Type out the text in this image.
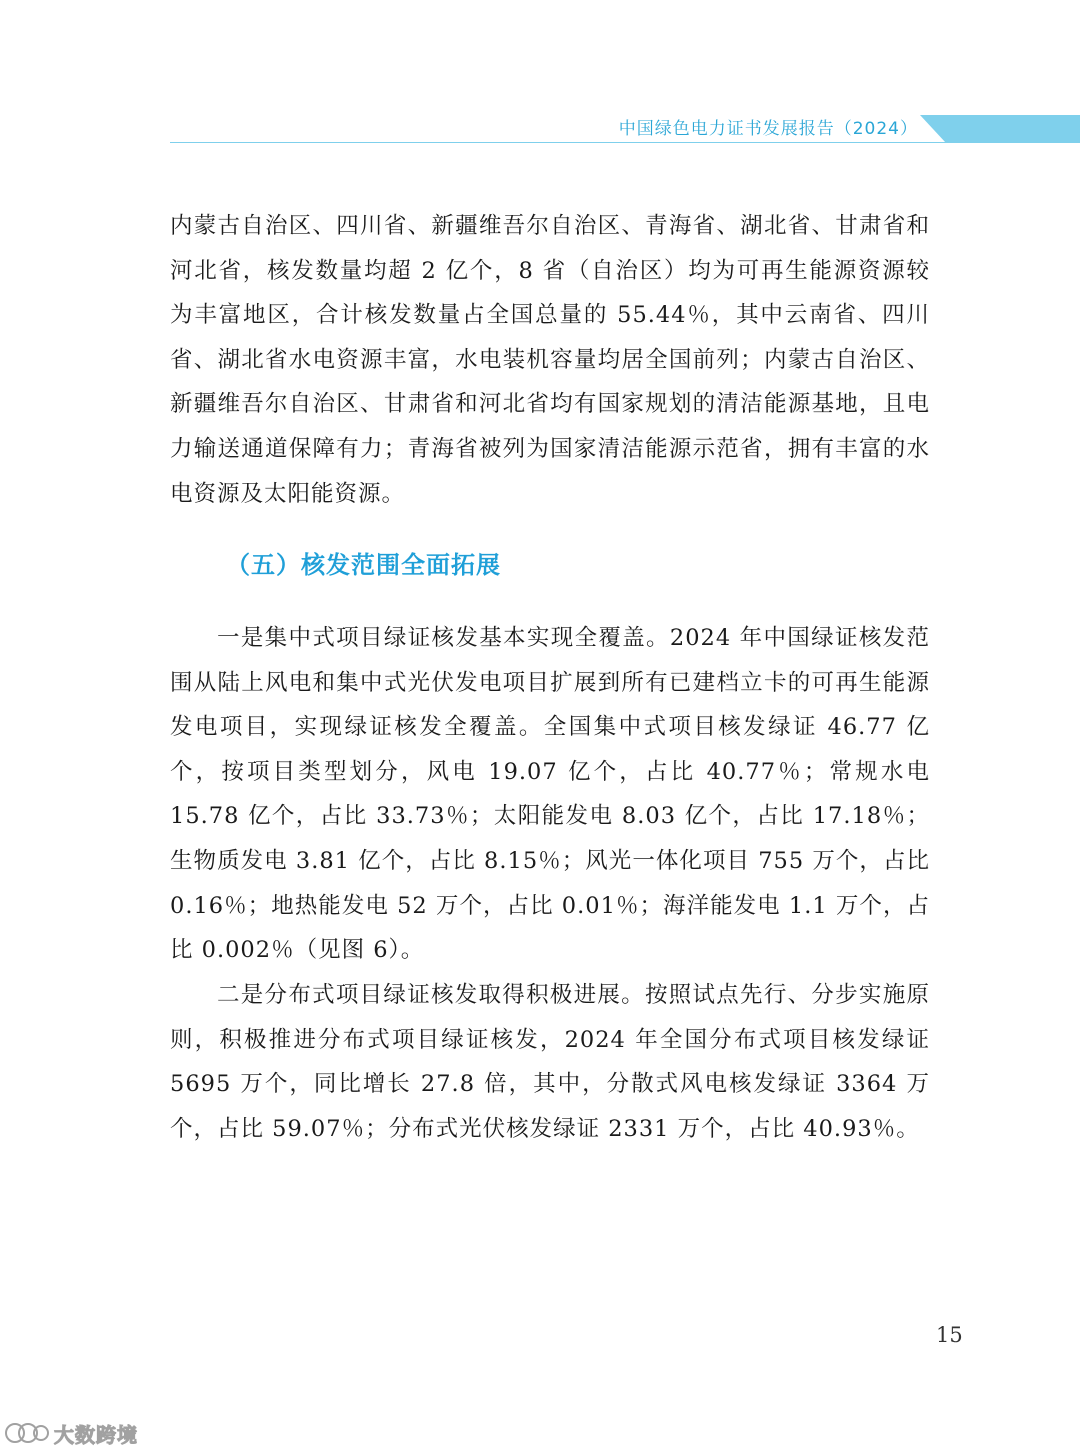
中国绿色电力证书发展报告（2024）

内蒙古自治区、四川省、新疆维吾尔自治区、青海省、湖北省、甘肃省和河北省，核发数量均超 2 亿个，8 省（自治区）均为可再生能源资源较为丰富地区，合计核发数量占全国总量的 55.44％，其中云南省、四川省、湖北省水电资源丰富，水电装机容量均居全国前列；内蒙古自治区、新疆维吾尔自治区、甘肃省和河北省均有国家规划的清洁能源基地，且电力输送通道保障有力；青海省被列为国家清洁能源示范省，拥有丰富的水电资源及太阳能资源。

（五）核发范围全面拓展

一是集中式项目绿证核发基本实现全覆盖。2024 年中国绿证核发范围从陆上风电和集中式光伏发电项目扩展到所有已建档立卡的可再生能源发电项目，实现绿证核发全覆盖。全国集中式项目核发绿证 46.77 亿个，按项目类型划分，风电 19.07 亿个，占比 40.77％；常规水电 15.78 亿个，占比 33.73％；太阳能发电 8.03 亿个，占比 17.18％；生物质发电 3.81 亿个，占比 8.15％；风光一体化项目 755 万个，占比 0.16％；地热能发电 52 万个，占比 0.01％；海洋能发电 1.1 万个，占比 0.002％（见图 6）。

二是分布式项目绿证核发取得积极进展。按照试点先行、分步实施原则，积极推进分布式项目绿证核发，2024 年全国分布式项目核发绿证 5695 万个，同比增长 27.8 倍，其中，分散式风电核发绿证 3364 万个，占比 59.07％；分布式光伏核发绿证 2331 万个，占比 40.93％。

15
大数跨境
